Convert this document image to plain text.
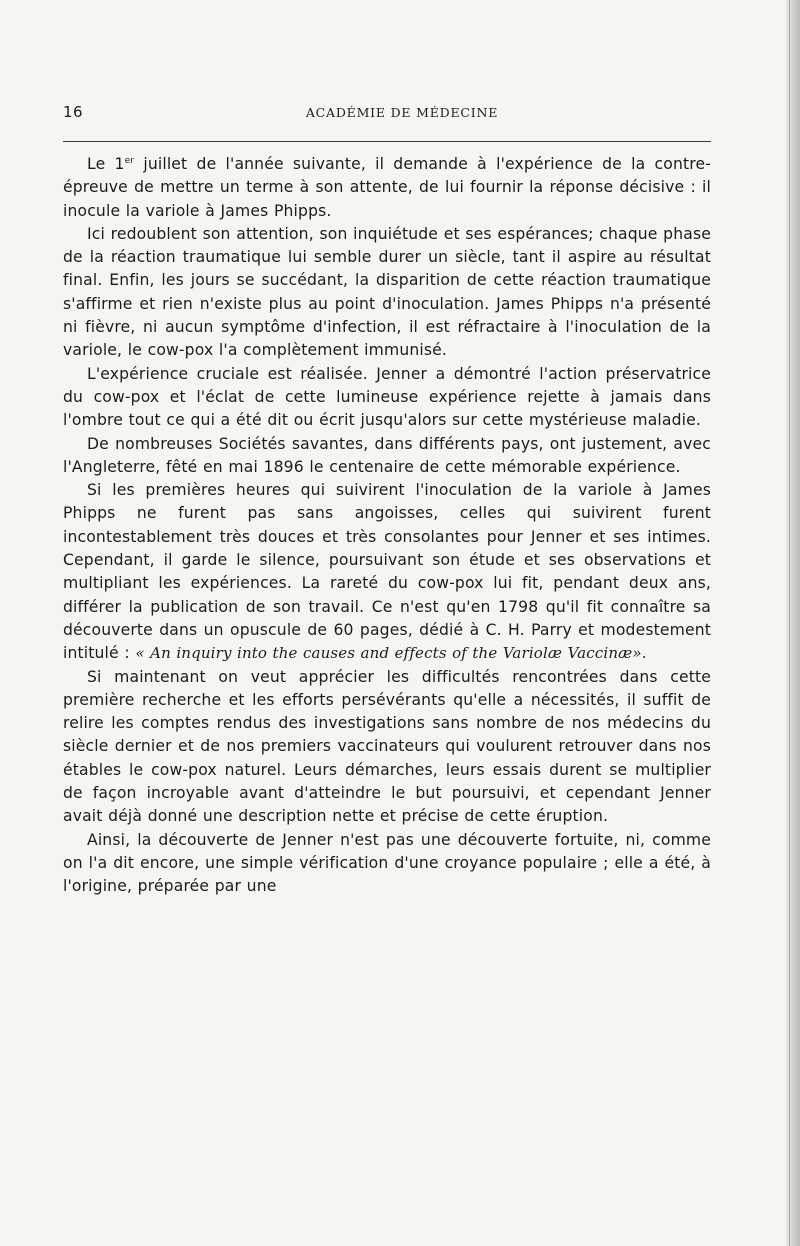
16	ACADÉMIE DE MÉDECINE

Le 1er juillet de l'année suivante, il demande à l'expérience de la contre-épreuve de mettre un terme à son attente, de lui fournir la réponse décisive : il inocule la variole à James Phipps.

Ici redoublent son attention, son inquiétude et ses espérances; chaque phase de la réaction traumatique lui semble durer un siècle, tant il aspire au résultat final. Enfin, les jours se succédant, la disparition de cette réaction traumatique s'affirme et rien n'existe plus au point d'inoculation. James Phipps n'a présenté ni fièvre, ni aucun symptôme d'infection, il est réfractaire à l'inoculation de la variole, le cow-pox l'a complètement immunisé.

L'expérience cruciale est réalisée. Jenner a démontré l'action préservatrice du cow-pox et l'éclat de cette lumineuse expérience rejette à jamais dans l'ombre tout ce qui a été dit ou écrit jusqu'alors sur cette mystérieuse maladie.

De nombreuses Sociétés savantes, dans différents pays, ont justement, avec l'Angleterre, fêté en mai 1896 le centenaire de cette mémorable expérience.

Si les premières heures qui suivirent l'inoculation de la variole à James Phipps ne furent pas sans angoisses, celles qui suivirent furent incontestablement très douces et très consolantes pour Jenner et ses intimes. Cependant, il garde le silence, poursuivant son étude et ses observations et multipliant les expériences. La rareté du cow-pox lui fit, pendant deux ans, différer la publication de son travail. Ce n'est qu'en 1798 qu'il fit connaître sa découverte dans un opuscule de 60 pages, dédié à C. H. Parry et modestement intitulé : « An inquiry into the causes and effects of the Variolæ Vaccinæ».

Si maintenant on veut apprécier les difficultés rencontrées dans cette première recherche et les efforts persévérants qu'elle a nécessités, il suffit de relire les comptes rendus des investigations sans nombre de nos médecins du siècle dernier et de nos premiers vaccinateurs qui voulurent retrouver dans nos étables le cow-pox naturel. Leurs démarches, leurs essais durent se multiplier de façon incroyable avant d'atteindre le but poursuivi, et cependant Jenner avait déjà donné une description nette et précise de cette éruption.

Ainsi, la découverte de Jenner n'est pas une découverte fortuite, ni, comme on l'a dit encore, une simple vérification d'une croyance populaire ; elle a été, à l'origine, préparée par une
